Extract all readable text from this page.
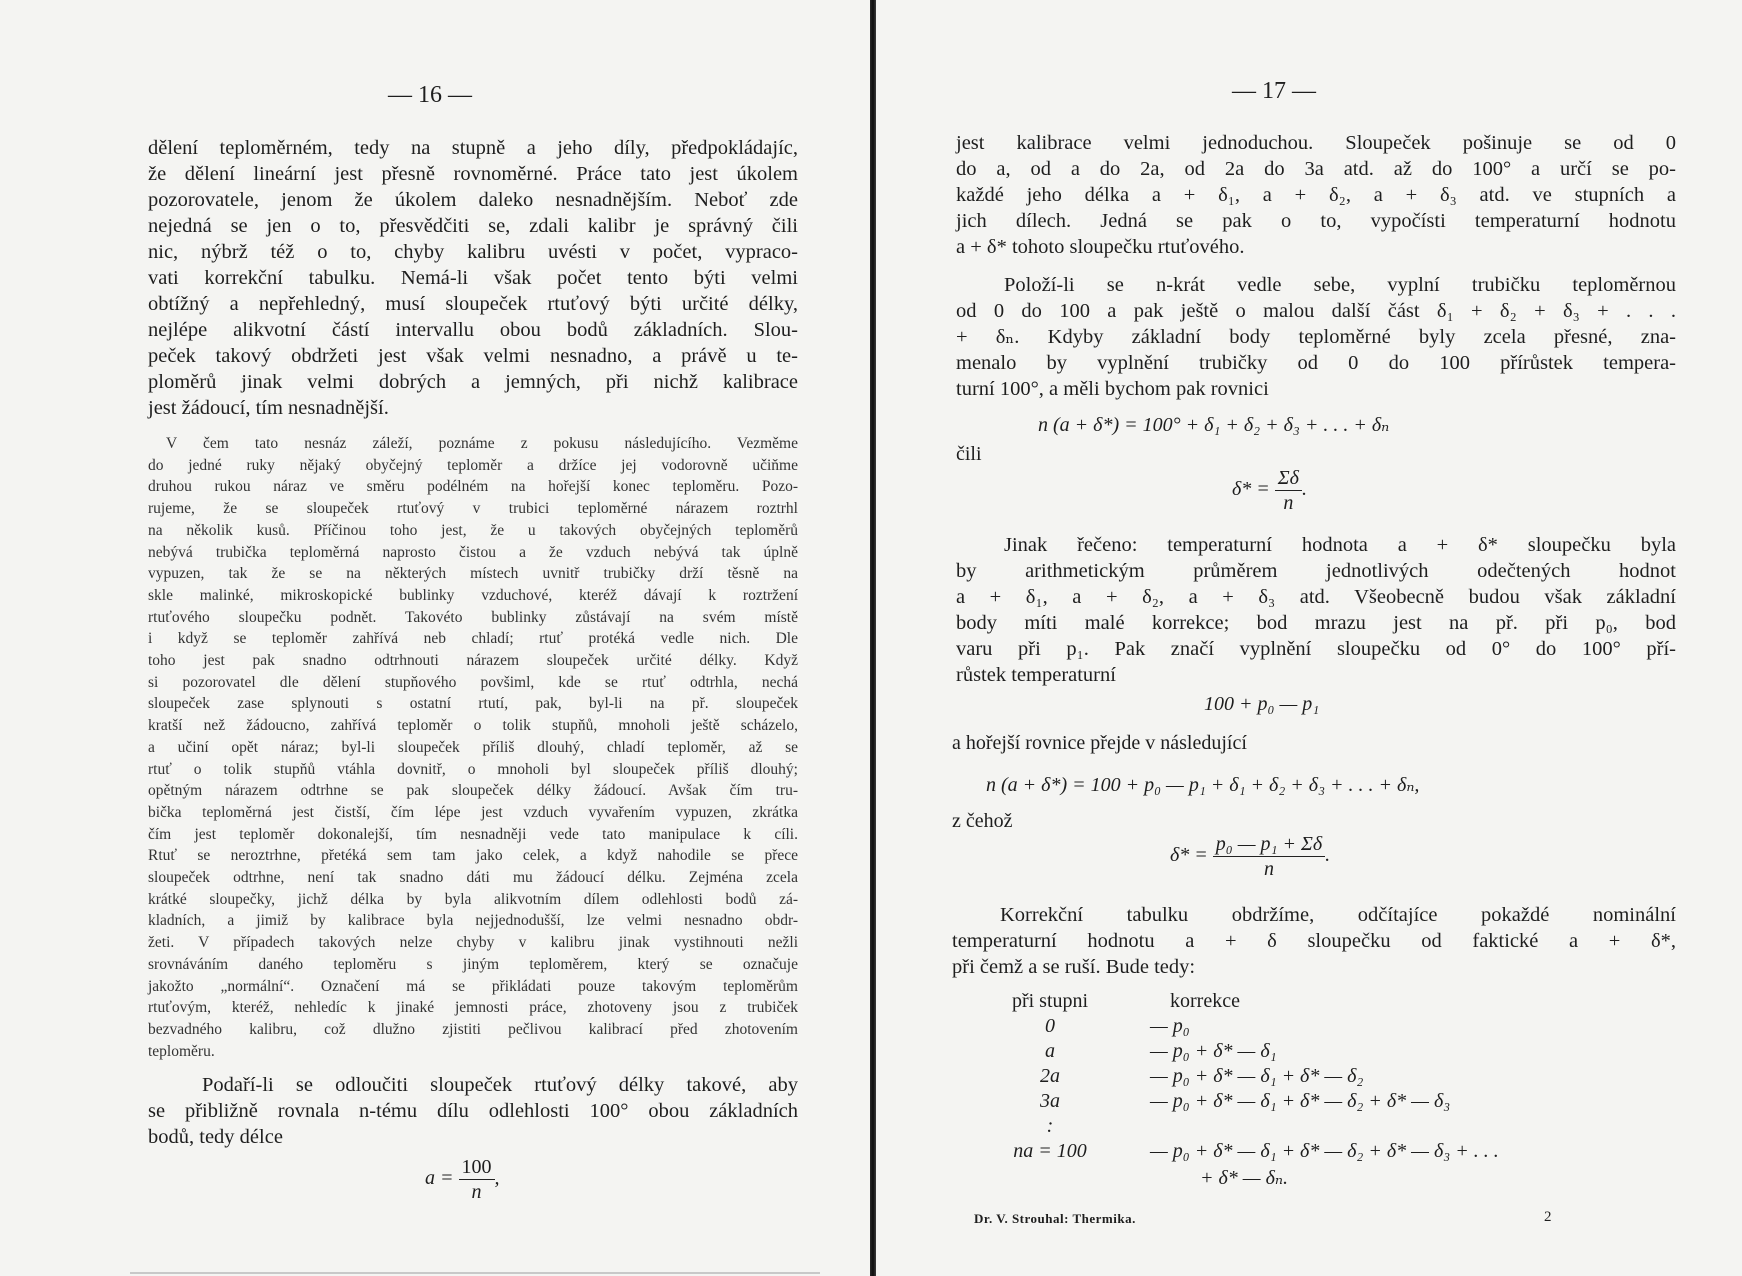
— 16 —
dělení teploměrném, tedy na stupně a jeho díly, předpokládajíc,
že dělení lineární jest přesně rovnoměrné. Práce tato jest úkolem
pozorovatele, jenom že úkolem daleko nesnadnějším. Neboť zde
nejedná se jen o to, přesvědčiti se, zdali kalibr je správný čili
nic, nýbrž též o to, chyby kalibru uvésti v počet, vypraco-
vati korrekční tabulku. Nemá-li však počet tento býti velmi
obtížný a nepřehledný, musí sloupeček rtuťový býti určité délky,
nejlépe alikvotní částí intervallu obou bodů základních. Slou-
peček takový obdržeti jest však velmi nesnadno, a právě u te-
ploměrů jinak velmi dobrých a jemných, při nichž kalibrace
jest žádoucí, tím nesnadnější.
V čem tato nesnáz záleží, poznáme z pokusu následujícího. Vezměme
do jedné ruky nějaký obyčejný teploměr a držíce jej vodorovně učiňme
druhou rukou náraz ve směru podélném na hořejší konec teploměru. Pozo-
rujeme, že se sloupeček rtuťový v trubici teploměrné nárazem roztrhl
na několik kusů. Příčinou toho jest, že u takových obyčejných teploměrů
nebývá trubička teploměrná naprosto čistou a že vzduch nebývá tak úplně
vypuzen, tak že se na některých místech uvnitř trubičky drží těsně na
skle malinké, mikroskopické bublinky vzduchové, kteréž dávají k roztržení
rtuťového sloupečku podnět. Takovéto bublinky zůstávají na svém místě
i když se teploměr zahřívá neb chladí; rtuť protéká vedle nich. Dle
toho jest pak snadno odtrhnouti nárazem sloupeček určité délky. Když
si pozorovatel dle dělení stupňového povšiml, kde se rtuť odtrhla, nechá
sloupeček zase splynouti s ostatní rtutí, pak, byl-li na př. sloupeček
kratší než žádoucno, zahřívá teploměr o tolik stupňů, mnoholi ještě scházelo,
a učiní opět náraz; byl-li sloupeček příliš dlouhý, chladí teploměr, až se
rtuť o tolik stupňů vtáhla dovnitř, o mnoholi byl sloupeček příliš dlouhý;
opětným nárazem odtrhne se pak sloupeček délky žádoucí. Avšak čím tru-
bička teploměrná jest čistší, čím lépe jest vzduch vyvařením vypuzen, zkrátka
čím jest teploměr dokonalejší, tím nesnadněji vede tato manipulace k cíli.
Rtuť se neroztrhne, přetéká sem tam jako celek, a když nahodile se přece
sloupeček odtrhne, není tak snadno dáti mu žádoucí délku. Zejména zcela
krátké sloupečky, jichž délka by byla alikvotním dílem odlehlosti bodů zá-
kladních, a jimiž by kalibrace byla nejjednodušší, lze velmi nesnadno obdr-
žeti. V případech takových nelze chyby v kalibru jinak vystihnouti nežli
srovnáváním daného teploměru s jiným teploměrem, který se označuje
jakožto „normální“. Označení má se přikládati pouze takovým teploměrům
rtuťovým, kteréž, nehledíc k jinaké jemnosti práce, zhotoveny jsou z trubiček
bezvadného kalibru, což dlužno zjistiti pečlivou kalibrací před zhotovením
teploměru.
Podaří-li se odloučiti sloupeček rtuťový délky takové, aby
se přibližně rovnala n-tému dílu odlehlosti 100° obou základních
bodů, tedy délce
$a = \frac{100}{n}$ ,
— 17 —
jest kalibrace velmi jednoduchou. Sloupeček pošinuje se od 0
do a, od a do 2a, od 2a do 3a atd. až do 100° a určí se po-
každé jeho délka a + δ₁, a + δ₂, a + δ₃ atd. ve stupních a
jich dílech. Jedná se pak o to, vypočísti temperaturní hodnotu
a + δ* tohoto sloupečku rtuťového.
Položí-li se n-krát vedle sebe, vyplní trubičku teploměrnou
od 0 do 100 a pak ještě o malou další část δ₁ + δ₂ + δ₃ + . . .
+ δₙ. Kdyby základní body teploměrné byly zcela přesné, zna-
menalo by vyplnění trubičky od 0 do 100 přírůstek tempera-
turní 100°, a měli bychom pak rovnici
n (a + δ*) = 100° + δ₁ + δ₂ + δ₃ + . . . + δₙ
čili
$\delta* = \frac{\Sigma\delta}{n}$ .
Jinak řečeno: temperaturní hodnota a + δ* sloupečku byla
by arithmetickým průměrem jednotlivých odečtených hodnot
a + δ₁, a + δ₂, a + δ₃ atd. Všeobecně budou však základní
body míti malé korrekce; bod mrazu jest na př. při p₀, bod
varu při p₁. Pak značí vyplnění sloupečku od 0° do 100° pří-
růstek temperaturní
100 + p₀ — p₁
a hořejší rovnice přejde v následující
n (a + δ*) = 100 + p₀ — p₁ + δ₁ + δ₂ + δ₃ + . . . + δₙ,
z čehož
$\delta* = \frac{\text{p₀ — p₁ + Σδ}}{n}$ .
Korrekční tabulku obdržíme, odčítajíce pokaždé nominální
temperaturní hodnotu a + δ sloupečku od faktické a + δ*,
při čemž a se ruší. Bude tedy:
při stupni	korrekce
0	— p₀
a	— p₀ + δ* — δ₁
2a	— p₀ + δ* — δ₁ + δ* — δ₂
3a	— p₀ + δ* — δ₁ + δ* — δ₂ + δ* — δ₃
:	
na = 100	— p₀ + δ* — δ₁ + δ* — δ₂ + δ* — δ₃ + . . .
	+ δ* — δₙ.
Dr. V. Strouhal: Thermika.	2
